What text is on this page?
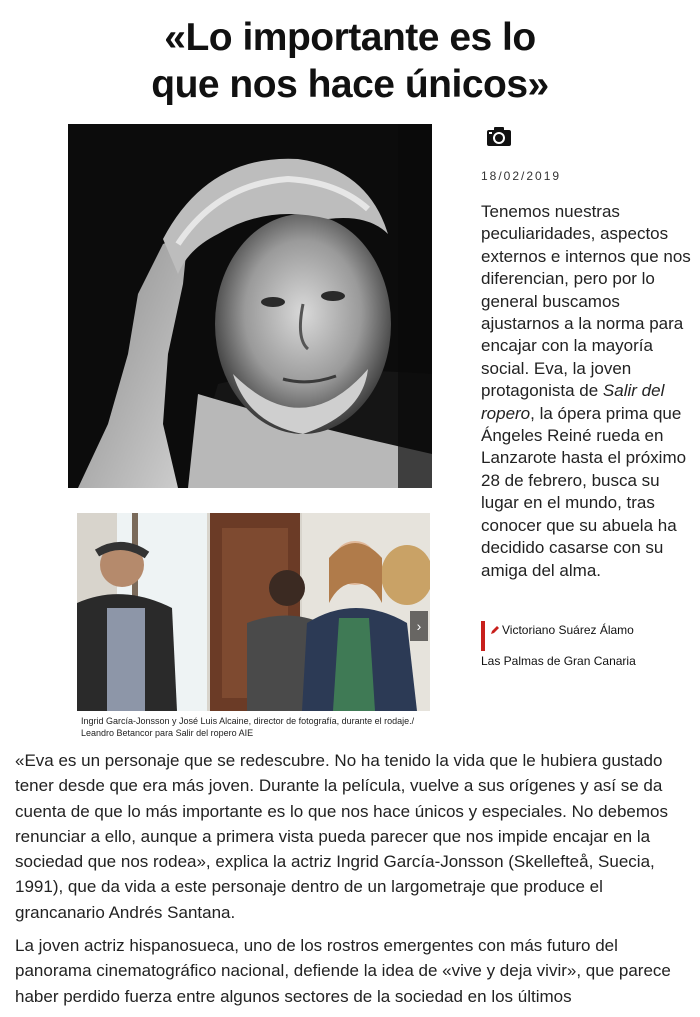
«Lo importante es lo
que nos hace únicos»
›
Ingrid García-Jonsson y José Luis Alcaine, director de fotografía, durante el rodaje./ Leandro Betancor para Salir del ropero AIE
18/02/2019
Tenemos nuestras peculiaridades, aspectos externos e internos que nos diferencian, pero por lo general buscamos ajustarnos a la norma para encajar con la mayoría social. Eva, la joven protagonista de Salir del ropero, la ópera prima que Ángeles Reiné rueda en Lanzarote hasta el próximo 28 de febrero, busca su lugar en el mundo, tras conocer que su abuela ha decidido casarse con su amiga del alma.
Victoriano Suárez Álamo
Las Palmas de Gran Canaria

«Eva es un personaje que se redescubre. No ha tenido la vida que le hubiera gustado tener desde que era más joven. Durante la película, vuelve a sus orígenes y así se da cuenta de que lo más importante es lo que nos hace únicos y especiales. No debemos renunciar a ello, aunque a primera vista pueda parecer que nos impide encajar en la sociedad que nos rodea», explica la actriz Ingrid García-Jonsson (Skellefteå, Suecia, 1991), que da vida a este personaje dentro de un largometraje que produce el grancanario Andrés Santana.

La joven actriz hispanosueca, uno de los rostros emergentes con más futuro del panorama cinematográfico nacional, defiende la idea de «vive y deja vivir», que parece haber perdido fuerza entre algunos sectores de la sociedad en los últimos
